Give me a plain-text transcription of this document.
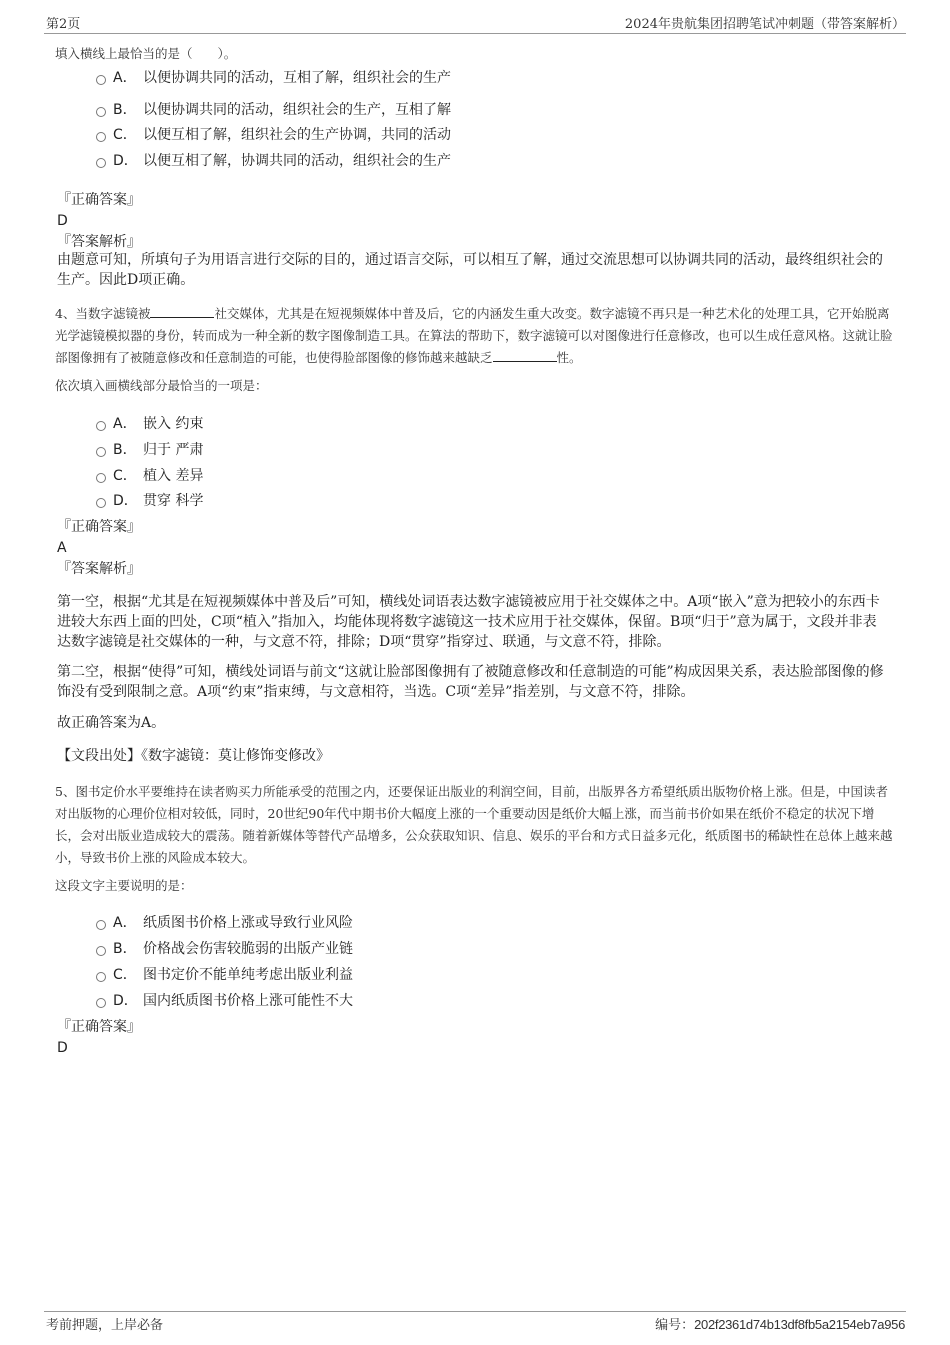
第2页	2024年贵航集团招聘笔试冲刺题（带答案解析）
填入横线上最恰当的是（　　）。
A． 以便协调共同的活动，互相了解，组织社会的生产
B． 以便协调共同的活动，组织社会的生产，互相了解
C． 以便互相了解，组织社会的生产协调，共同的活动
D． 以便互相了解，协调共同的活动，组织社会的生产
『正确答案』
D
『答案解析』
由题意可知，所填句子为用语言进行交际的目的，通过语言交际，可以相互了解，通过交流思想可以协调共同的活动，最终组织社会的生产。因此D项正确。
4、当数字滤镜被	社交媒体，尤其是在短视频媒体中普及后，它的内涵发生重大改变。数字滤镜不再只是一种艺术化的处理工具，它开始脱离光学滤镜模拟器的身份，转而成为一种全新的数字图像制造工具。在算法的帮助下，数字滤镜可以对图像进行任意修改，也可以生成任意风格。这就让脸部图像拥有了被随意修改和任意制造的可能，也使得脸部图像的修饰越来越缺乏	性。
依次填入画横线部分最恰当的一项是：
A． 嵌入 约束
B． 归于 严肃
C． 植入 差异
D． 贯穿 科学
『正确答案』
A
『答案解析』
第一空，根据“尤其是在短视频媒体中普及后”可知，横线处词语表达数字滤镜被应用于社交媒体之中。A项“嵌入”意为把较小的东西卡进较大东西上面的凹处，C项“植入”指加入，均能体现将数字滤镜这一技术应用于社交媒体，保留。B项“归于”意为属于，文段并非表达数字滤镜是社交媒体的一种，与文意不符，排除；D项“贯穿”指穿过、联通，与文意不符，排除。
第二空，根据“使得”可知，横线处词语与前文“这就让脸部图像拥有了被随意修改和任意制造的可能”构成因果关系，表达脸部图像的修饰没有受到限制之意。A项“约束”指束缚，与文意相符，当选。C项“差异”指差别，与文意不符，排除。
故正确答案为A。
【文段出处】《数字滤镜：莫让修饰变修改》
5、图书定价水平要维持在读者购买力所能承受的范围之内，还要保证出版业的利润空间，目前，出版界各方希望纸质出版物价格上涨。但是，中国读者对出版物的心理价位相对较低，同时，20世纪90年代中期书价大幅度上涨的一个重要动因是纸价大幅上涨，而当前书价如果在纸价不稳定的状况下增长，会对出版业造成较大的震荡。随着新媒体等替代产品增多，公众获取知识、信息、娱乐的平台和方式日益多元化，纸质图书的稀缺性在总体上越来越小，导致书价上涨的风险成本较大。
这段文字主要说明的是：
A． 纸质图书价格上涨或导致行业风险
B． 价格战会伤害较脆弱的出版产业链
C． 图书定价不能单纯考虑出版业利益
D． 国内纸质图书价格上涨可能性不大
『正确答案』
D
考前押题，上岸必备	编号：202f2361d74b13df8fb5a2154eb7a956
